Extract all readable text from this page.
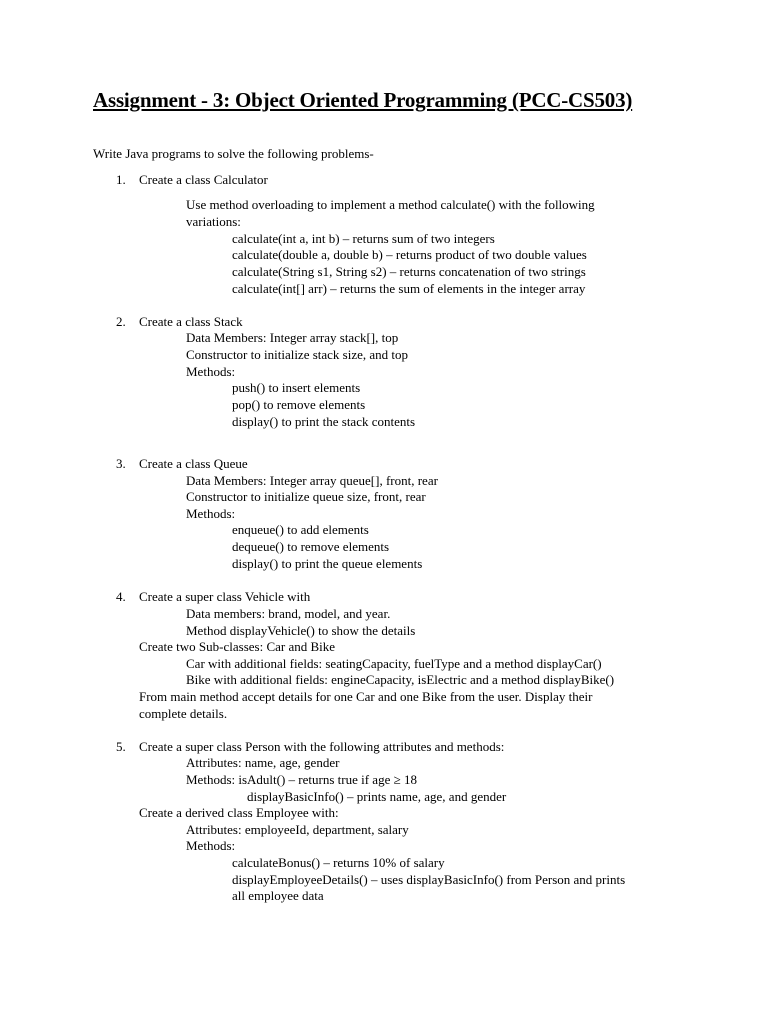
Assignment - 3: Object Oriented Programming (PCC-CS503)
Write Java programs to solve the following problems-
1. Create a class Calculator
Use method overloading to implement a method calculate() with the following
variations:
calculate(int a, int b) – returns sum of two integers
calculate(double a, double b) – returns product of two double values
calculate(String s1, String s2) – returns concatenation of two strings
calculate(int[] arr) – returns the sum of elements in the integer array
2. Create a class Stack
Data Members: Integer array stack[], top
Constructor to initialize stack size, and top
Methods:
push() to insert elements
pop() to remove elements
display() to print the stack contents
3. Create a class Queue
Data Members: Integer array queue[], front, rear
Constructor to initialize queue size, front, rear
Methods:
enqueue() to add elements
dequeue() to remove elements
display() to print the queue elements
4. Create a super class Vehicle with
Data members: brand, model, and year.
Method displayVehicle() to show the details
Create two Sub-classes: Car and Bike
Car with additional fields: seatingCapacity, fuelType and a method displayCar()
Bike with additional fields: engineCapacity, isElectric and a method displayBike()
From main method accept details for one Car and one Bike from the user. Display their
complete details.
5. Create a super class Person with the following attributes and methods:
Attributes: name, age, gender
Methods: isAdult() – returns true if age ≥ 18
displayBasicInfo() – prints name, age, and gender
Create a derived class Employee with:
Attributes: employeeId, department, salary
Methods:
calculateBonus() – returns 10% of salary
displayEmployeeDetails() – uses displayBasicInfo() from Person and prints
all employee data
